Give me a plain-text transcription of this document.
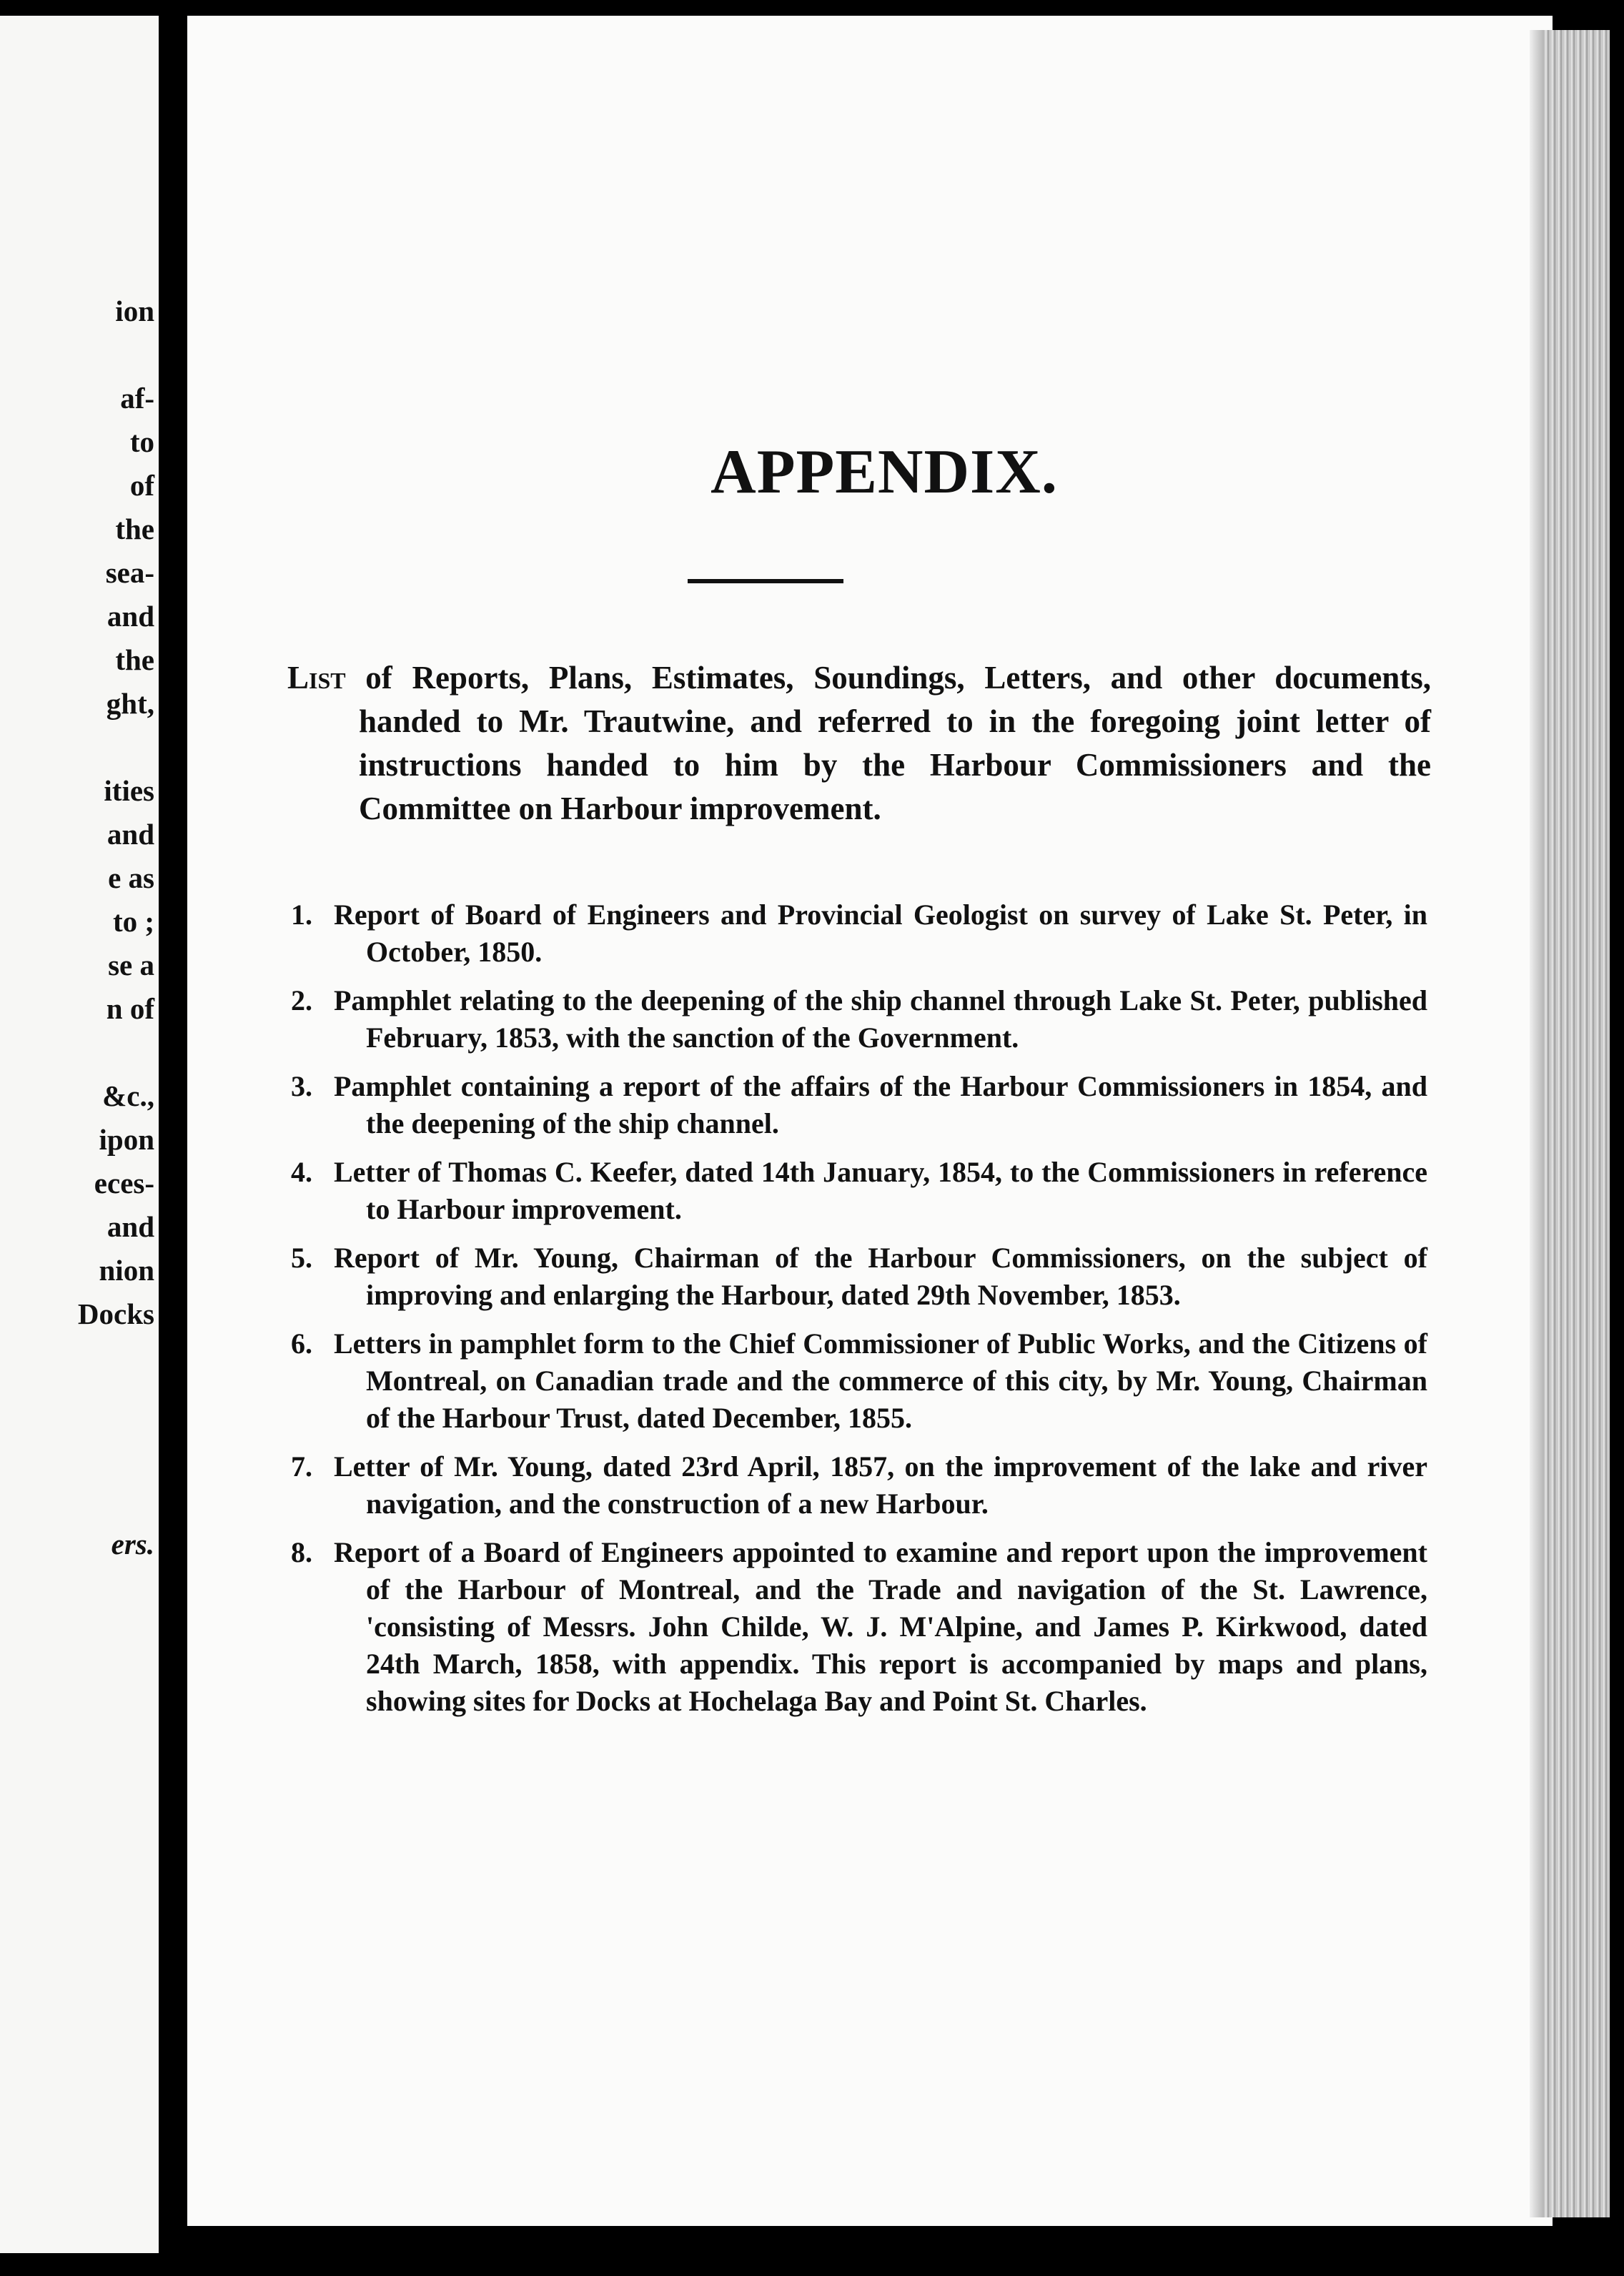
ion
af-
to
of
the
sea-
and
the
ght,
ities
and
e as
to ;
se a
n of
&c.,
ipon
eces-
and
nion
Docks
ers.
APPENDIX.
List of Reports, Plans, Estimates, Soundings, Letters, and other documents, handed to Mr. Trautwine, and referred to in the foregoing joint letter of instructions handed to him by the Harbour Commissioners and the Committee on Harbour improvement.
1. Report of Board of Engineers and Provincial Geologist on survey of Lake St. Peter, in October, 1850.
2. Pamphlet relating to the deepening of the ship channel through Lake St. Peter, published February, 1853, with the sanction of the Government.
3. Pamphlet containing a report of the affairs of the Harbour Commissioners in 1854, and the deepening of the ship channel.
4. Letter of Thomas C. Keefer, dated 14th January, 1854, to the Commissioners in reference to Harbour improvement.
5. Report of Mr. Young, Chairman of the Harbour Commissioners, on the subject of improving and enlarging the Harbour, dated 29th November, 1853.
6. Letters in pamphlet form to the Chief Commissioner of Public Works, and the Citizens of Montreal, on Canadian trade and the commerce of this city, by Mr. Young, Chairman of the Harbour Trust, dated December, 1855.
7. Letter of Mr. Young, dated 23rd April, 1857, on the improvement of the lake and river navigation, and the construction of a new Harbour.
8. Report of a Board of Engineers appointed to examine and report upon the improvement of the Harbour of Montreal, and the Trade and navigation of the St. Lawrence, 'consisting of Messrs. John Childe, W. J. M'Alpine, and James P. Kirkwood, dated 24th March, 1858, with appendix. This report is accompanied by maps and plans, showing sites for Docks at Hochelaga Bay and Point St. Charles.
